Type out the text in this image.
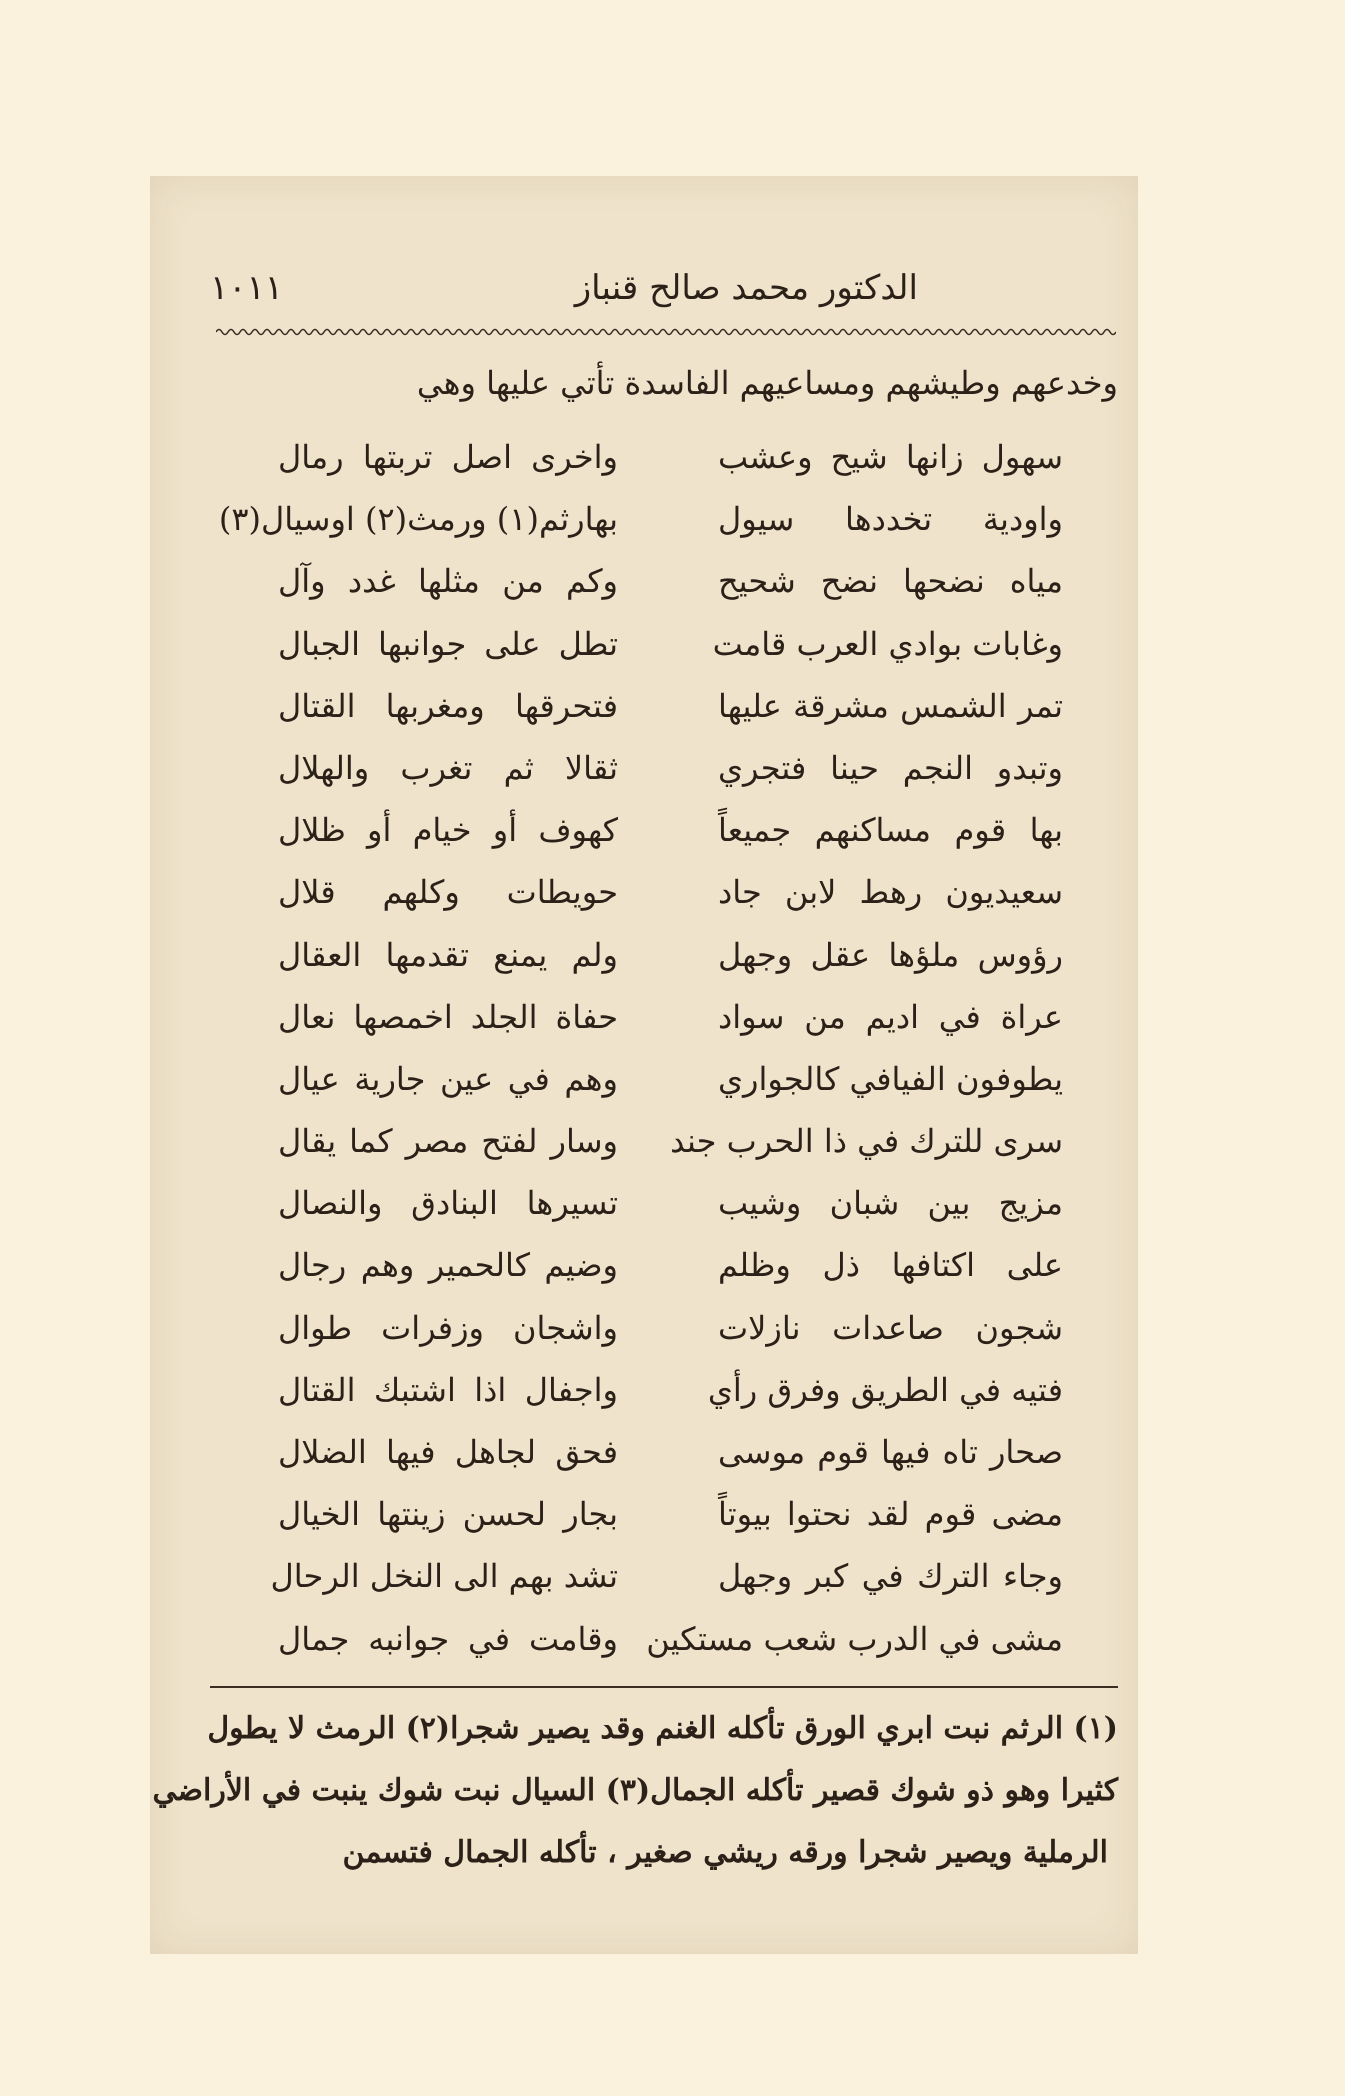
الدكتور محمد صالح قنباز
١٠١١
وخدعهم وطيشهم ومساعيهم الفاسدة تأتي عليها وهي
سهول زانها شيح وعشب
واخرى اصل تربتها رمال
واودية تخددها سيول
بهارثم(١) ورمث(٢) اوسيال(٣)
مياه نضحها نضح شحيح
وكم من مثلها غدد وآل
وغابات بوادي العرب قامت
تطل على جوانبها الجبال
تمر الشمس مشرقة عليها
فتحرقها ومغربها القتال
وتبدو النجم حينا فتجري
ثقالا ثم تغرب والهلال
بها قوم مساكنهم جميعاً
كهوف أو خيام أو ظلال
سعيديون رهط لابن جاد
حويطات وكلهم قلال
رؤوس ملؤها عقل وجهل
ولم يمنع تقدمها العقال
عراة في اديم من سواد
حفاة الجلد اخمصها نعال
يطوفون الفيافي كالجواري
وهم في عين جارية عيال
سرى للترك في ذا الحرب جند
وسار لفتح مصر كما يقال
مزيج بين شبان وشيب
تسيرها البنادق والنصال
على اكتافها ذل وظلم
وضيم كالحمير وهم رجال
شجون صاعدات نازلات
واشجان وزفرات طوال
فتيه في الطريق وفرق رأي
واجفال اذا اشتبك القتال
صحار تاه فيها قوم موسى
فحق لجاهل فيها الضلال
مضى قوم لقد نحتوا بيوتاً
بجار لحسن زينتها الخيال
وجاء الترك في كبر وجهل
تشد بهم الى النخل الرحال
مشى في الدرب شعب مستكين
وقامت في جوانبه جمال
(١) الرثم نبت ابري الورق تأكله الغنم وقد يصير شجرا
(٢) الرمث لا يطول
كثيرا وهو ذو شوك قصير تأكله الجمال
(٣) السيال نبت شوك ينبت في الأراضي
الرملية ويصير شجرا ورقه ريشي صغير ، تأكله الجمال فتسمن
